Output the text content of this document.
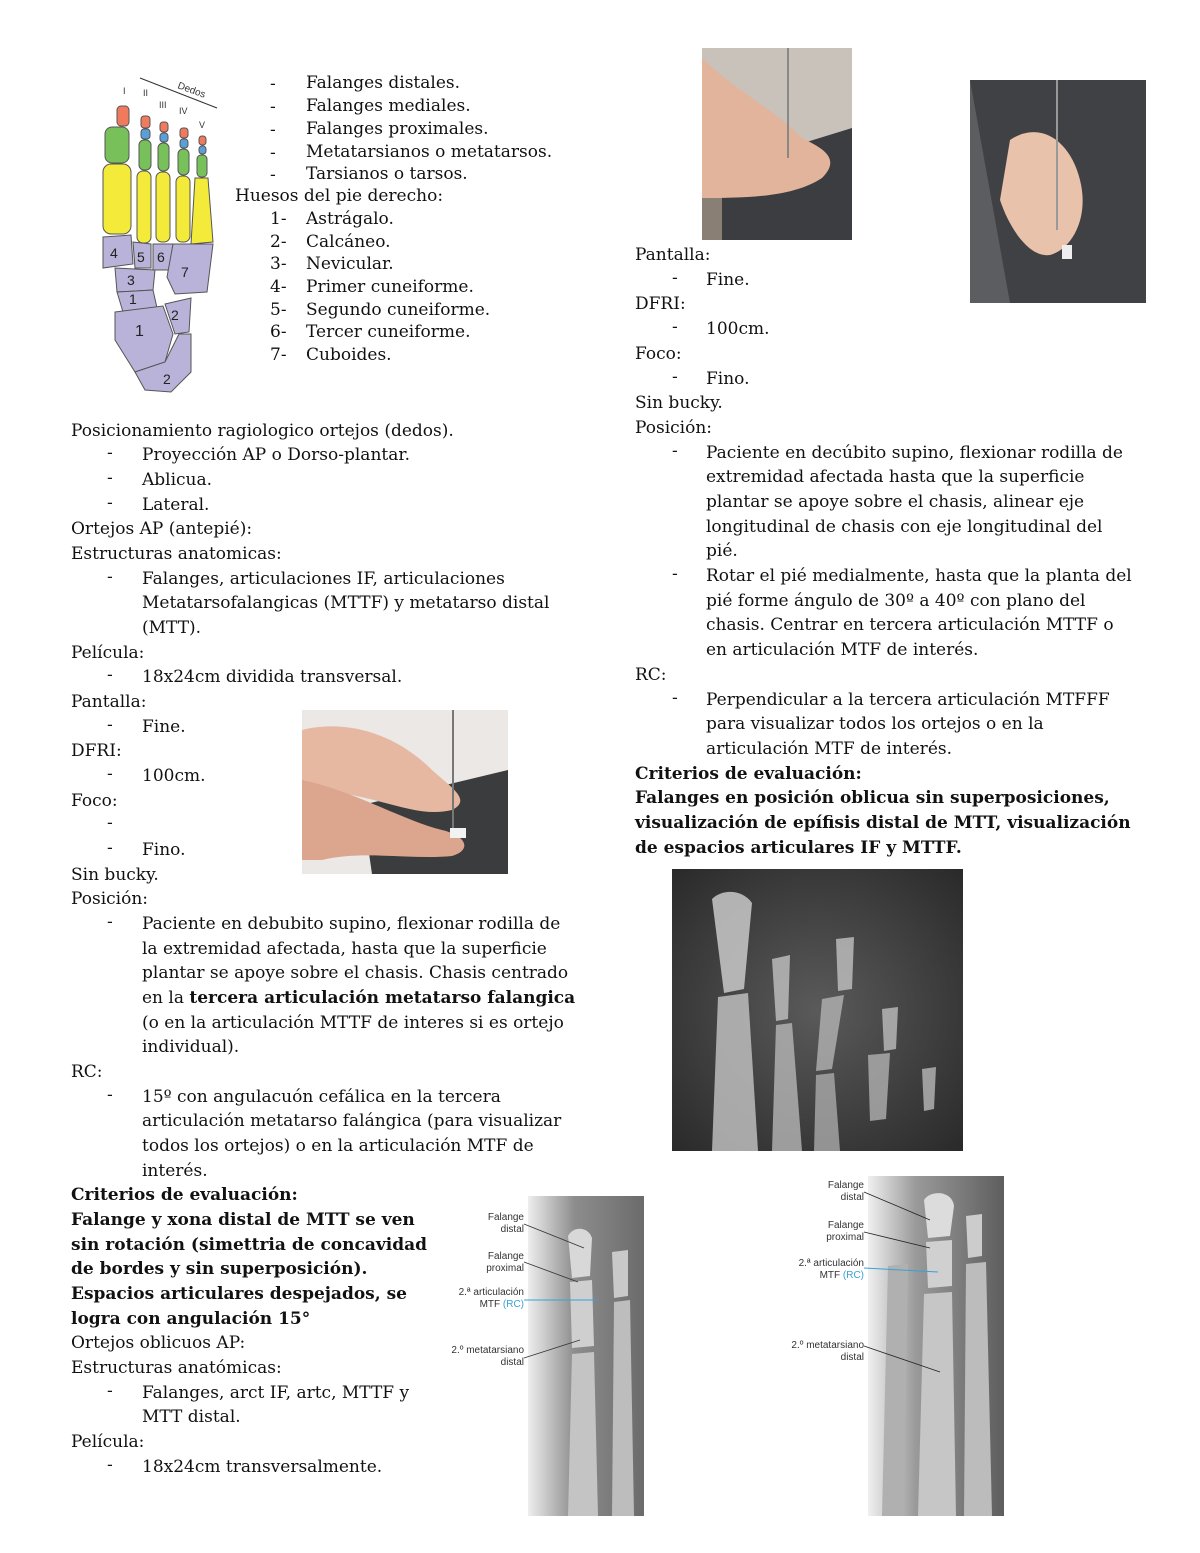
Dedos
I II
III
IV
V
4 5 6
3	7
1
2
1
2
- Falanges distales.
- Falanges mediales.
- Falanges proximales.
- Metatarsianos o metatarsos.
- Tarsianos o tarsos.
Huesos del pie derecho:
1- Astrágalo.
2- Calcáneo.
3- Nevicular.
4- Primer cuneiforme.
5- Segundo cuneiforme.
6- Tercer cuneiforme.
7- Cuboides.
Posicionamiento ragiologico ortejos (dedos).
- Proyección AP o Dorso-plantar.
- Ablicua.
- Lateral.
Ortejos AP (antepié):
Estructuras anatomicas:
- Falanges, articulaciones IF, articulaciones
Metatarsofalangicas (MTTF) y metatarso distal
(MTT).
Película:
- 18x24cm dividida transversal.
Pantalla:
- Fine.
DFRI:
- 100cm.
Foco:
-
- Fino.
Sin bucky.
Posición:
- Paciente en debubito supino, flexionar rodilla de
la extremidad afectada, hasta que la superficie
plantar se apoye sobre el chasis. Chasis centrado
en la tercera articulación metatarso falangica
(o en la articulación MTTF de interes si es ortejo
individual).
RC:
- 15º con angulacuón cefálica en la tercera
articulación metatarso falángica (para visualizar
todos los ortejos) o en la articulación MTF de
interés.
Criterios de evaluación:
Falange y xona distal de MTT se ven
sin rotación (simettria de concavidad
de bordes y sin superposición).
Espacios articulares despejados, se
logra con angulación 15°
Ortejos oblicuos AP:
Estructuras anatómicas:
- Falanges, arct IF, artc, MTTF y
MTT distal.
Película:
- 18x24cm transversalmente.
Pantalla:
- Fine.
DFRI:
- 100cm.
Foco:
- Fino.
Sin bucky.
Posición:
- Paciente en decúbito supino, flexionar rodilla de
extremidad afectada hasta que la superficie
plantar se apoye sobre el chasis, alinear eje
longitudinal de chasis con eje longitudinal del
pié.
- Rotar el pié medialmente, hasta que la planta del
pié forme ángulo de 30º a 40º con plano del
chasis. Centrar en tercera articulación MTTF o
en articulación MTF de interés.
RC:
- Perpendicular a la tercera articulación MTFFF
para visualizar todos los ortejos o en la
articulación MTF de interés.
Criterios de evaluación:
Falanges en posición oblicua sin superposiciones,
visualización de epífisis distal de MTT, visualización
de espacios articulares IF y MTTF.
Falange
distal
Falange
proximal
2.ª articulación
MTF (RC)
2.º metatarsiano
distal
Falange
distal
Falange
proximal
2.ª articulación
MTF (RC)
2.º metatarsiano
distal
